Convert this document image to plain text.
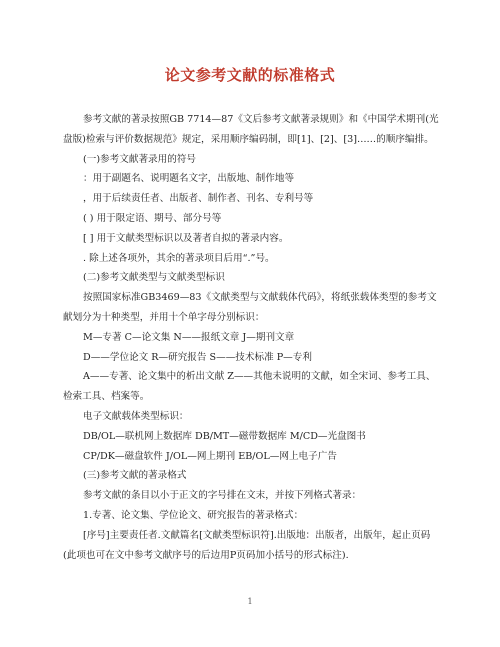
论文参考文献的标准格式

参考文献的著录按照GB 7714—87《文后参考文献著录规则》和《中国学术期刊(光盘版)检索与评价数据规范》规定，采用顺序编码制，即[1]、[2]、[3]……的顺序编排。

(一)参考文献著录用的符号

：用于副题名、说明题名文字，出版地、制作地等

，用于后续责任者、出版者、制作者、刊名、专利号等

( ) 用于限定语、期号、部分号等

[ ] 用于文献类型标识以及著者自拟的著录内容。

. 除上述各项外，其余的著录项目后用“.”号。

(二)参考文献类型与文献类型标识

按照国家标准GB3469—83《文献类型与文献载体代码》，将纸张载体类型的参考文献划分为十种类型，并用十个单字母分别标识：

M—专著 C—论文集 N——报纸文章 J—期刊文章

D——学位论文 R—研究报告 S——技术标准 P—专利

A——专著、论文集中的析出文献 Z——其他未说明的文献，如全宋词、参考工具、检索工具、档案等。

电子文献载体类型标识：

DB/OL—联机网上数据库 DB/MT—磁带数据库 M/CD—光盘图书

CP/DK—磁盘软件 J/OL—网上期刊 EB/OL—网上电子广告

(三)参考文献的著录格式

参考文献的条目以小于正文的字号排在文末，并按下列格式著录：

1.专著、论文集、学位论文、研究报告的著录格式：

[序号]主要责任者.文献篇名[文献类型标识符].出版地：出版者，出版年，起止页码(此项也可在文中参考文献序号的后边用P页码加小括号的形式标注).

1
